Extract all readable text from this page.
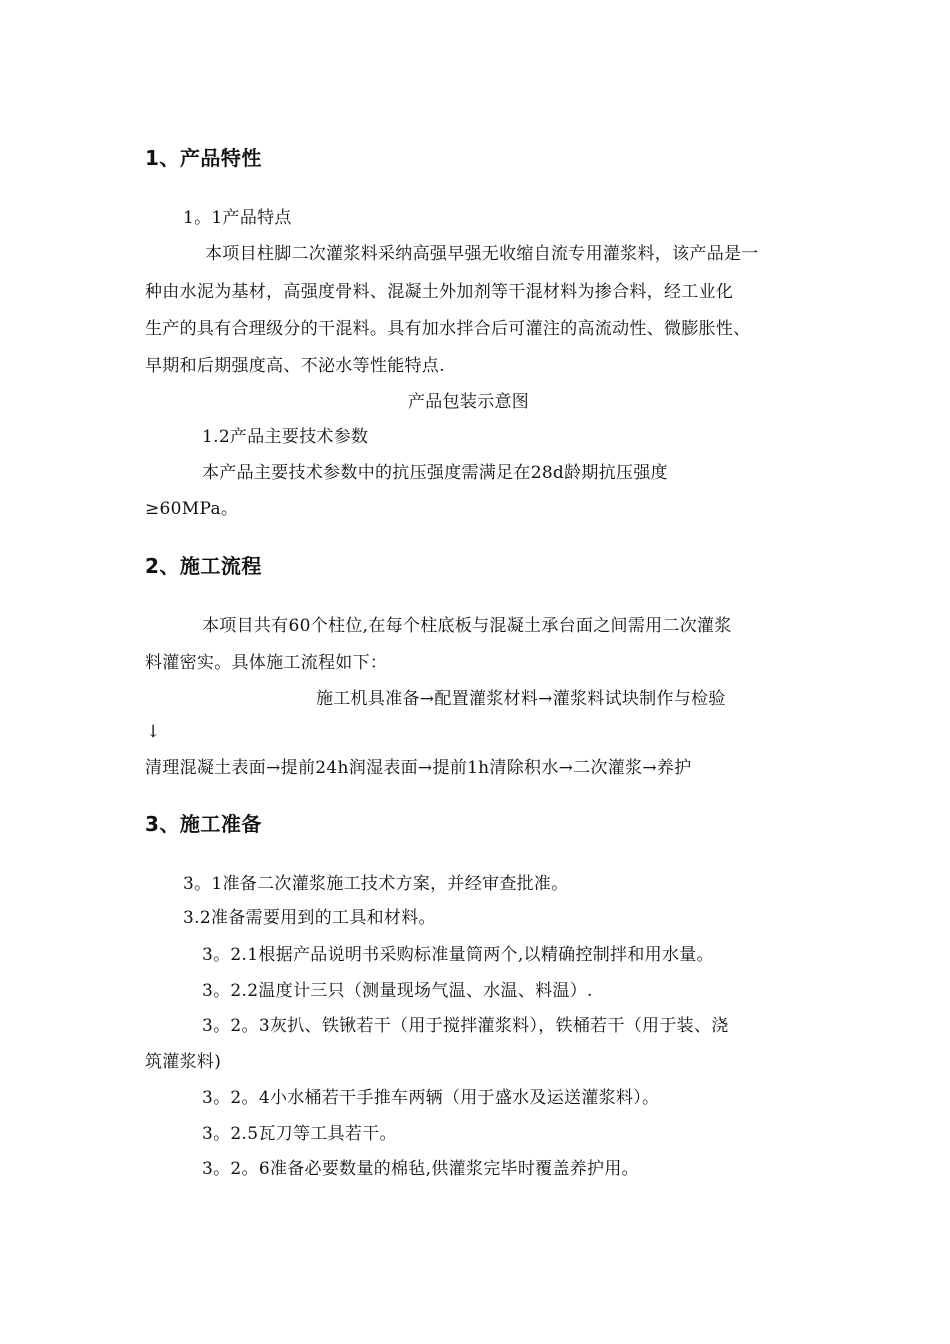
1、产品特性
1。1产品特点
本项目柱脚二次灌浆料采纳高强早强无收缩自流专用灌浆料，该产品是一
种由水泥为基材，高强度骨料、混凝土外加剂等干混材料为掺合料，经工业化
生产的具有合理级分的干混料。具有加水拌合后可灌注的高流动性、微膨胀性、
早期和后期强度高、不泌水等性能特点.
产品包装示意图
1.2产品主要技术参数
本产品主要技术参数中的抗压强度需满足在28d龄期抗压强度
≥60MPa。
2、施工流程
本项目共有60个柱位,在每个柱底板与混凝土承台面之间需用二次灌浆
料灌密实。具体施工流程如下：
施工机具准备→配置灌浆材料→灌浆料试块制作与检验
↓
清理混凝土表面→提前24h润湿表面→提前1h清除积水→二次灌浆→养护
3、施工准备
3。1准备二次灌浆施工技术方案，并经审查批准。
3.2准备需要用到的工具和材料。
3。2.1根据产品说明书采购标准量筒两个,以精确控制拌和用水量。
3。2.2温度计三只（测量现场气温、水温、料温）.
3。2。3灰扒、铁锹若干（用于搅拌灌浆料），铁桶若干（用于装、浇
筑灌浆料)
3。2。4小水桶若干手推车两辆（用于盛水及运送灌浆料）。
3。2.5瓦刀等工具若干。
3。2。6准备必要数量的棉毡,供灌浆完毕时覆盖养护用。
